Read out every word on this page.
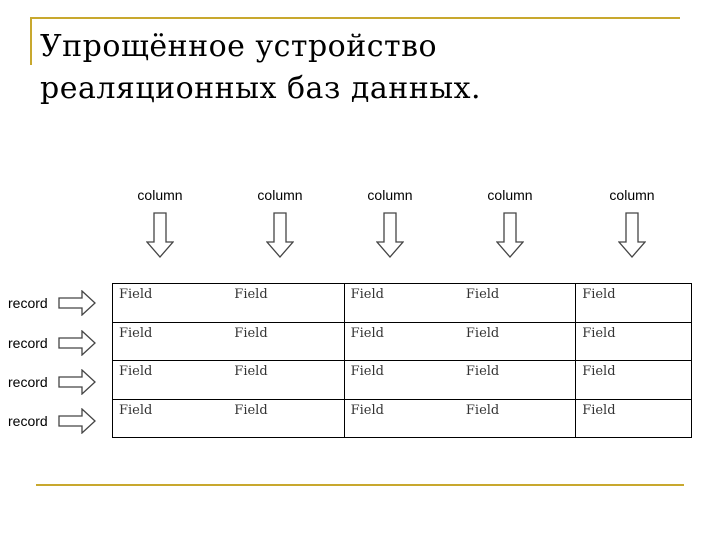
Упрощённое устройство
реаляционных баз данных.
column	column	column	column	column
record
record
record
record
Field	Field	Field	Field	Field
Field	Field	Field	Field	Field
Field	Field	Field	Field	Field
Field	Field	Field	Field	Field
